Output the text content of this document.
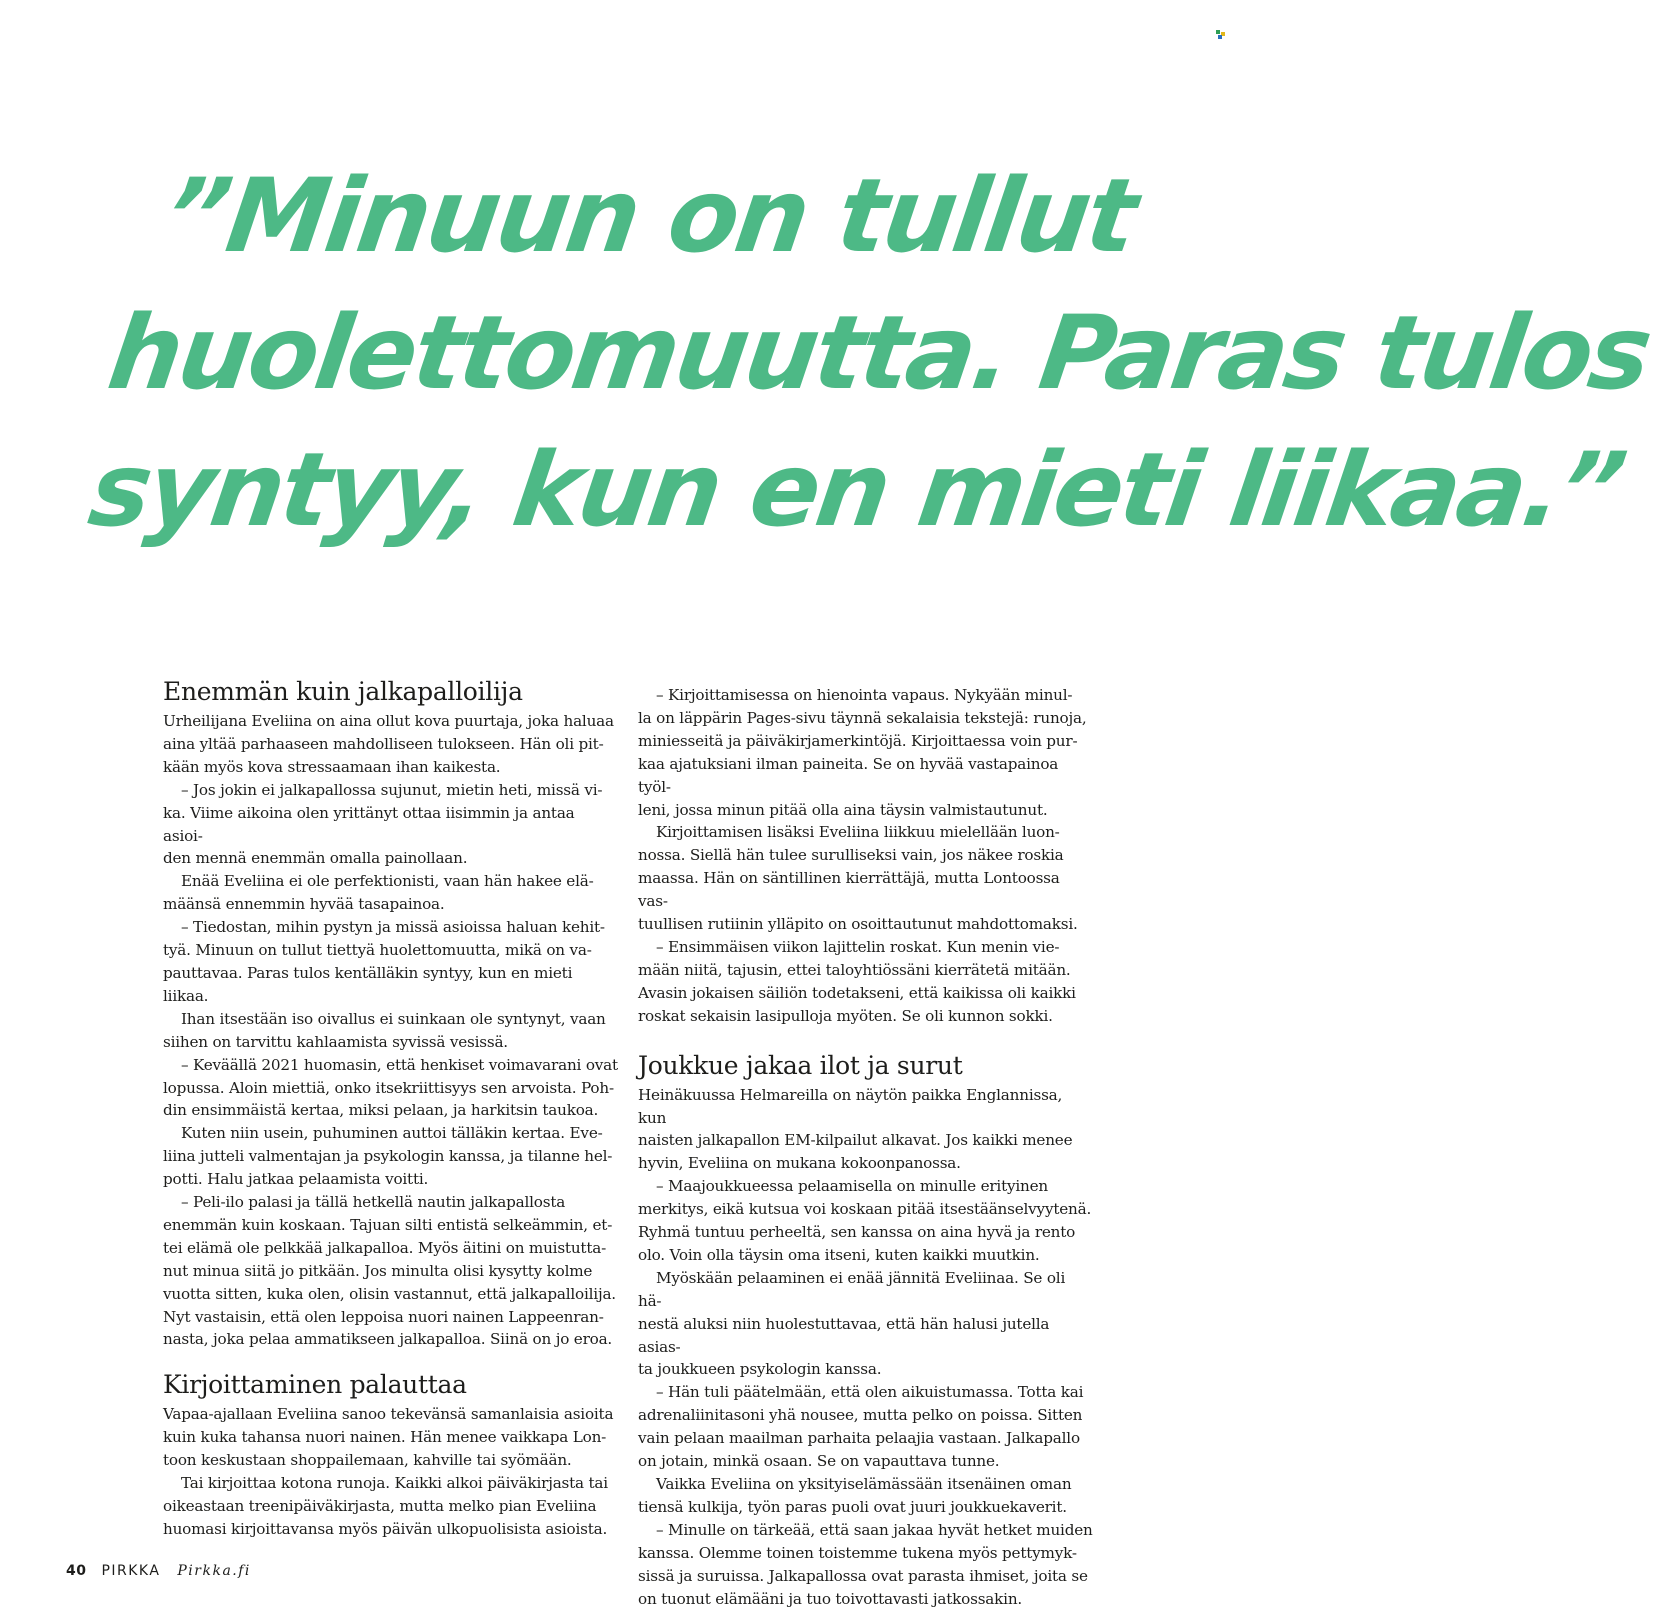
”Minuun on tullut
huolettomuutta. Paras tulos
syntyy, kun en mieti liikaa.”
Enemmän kuin jalkapalloilija

Urheilijana Eveliina on aina ollut kova puurtaja, joka haluaa
aina yltää parhaaseen mahdolliseen tulokseen. Hän oli pit-
kään myös kova stressaamaan ihan kaikesta.

– Jos jokin ei jalkapallossa sujunut, mietin heti, missä vi-
ka. Viime aikoina olen yrittänyt ottaa iisimmin ja antaa asioi-
den mennä enemmän omalla painollaan.

Enää Eveliina ei ole perfektionisti, vaan hän hakee elä-
määnsä ennemmin hyvää tasapainoa.

– Tiedostan, mihin pystyn ja missä asioissa haluan kehit-
tyä. Minuun on tullut tiettyä huolettomuutta, mikä on va-
pauttavaa. Paras tulos kentälläkin syntyy, kun en mieti liikaa.

Ihan itsestään iso oivallus ei suinkaan ole syntynyt, vaan
siihen on tarvittu kahlaamista syvissä vesissä.

– Keväällä 2021 huomasin, että henkiset voimavarani ovat
lopussa. Aloin miettiä, onko itsekriittisyys sen arvoista. Poh-
din ensimmäistä kertaa, miksi pelaan, ja harkitsin taukoa.

Kuten niin usein, puhuminen auttoi tälläkin kertaa. Eve-
liina jutteli valmentajan ja psykologin kanssa, ja tilanne hel-
potti. Halu jatkaa pelaamista voitti.

– Peli-ilo palasi ja tällä hetkellä nautin jalkapallosta
enemmän kuin koskaan. Tajuan silti entistä selkeämmin, et-
tei elämä ole pelkkää jalkapalloa. Myös äitini on muistutta-
nut minua siitä jo pitkään. Jos minulta olisi kysytty kolme
vuotta sitten, kuka olen, olisin vastannut, että jalkapalloilija.
Nyt vastaisin, että olen leppoisa nuori nainen Lappeenran-
nasta, joka pelaa ammatikseen jalkapalloa. Siinä on jo eroa.

Kirjoittaminen palauttaa

Vapaa-ajallaan Eveliina sanoo tekevänsä samanlaisia asioita
kuin kuka tahansa nuori nainen. Hän menee vaikkapa Lon-
toon keskustaan shoppailemaan, kahville tai syömään.

Tai kirjoittaa kotona runoja. Kaikki alkoi päiväkirjasta tai
oikeastaan treenipäiväkirjasta, mutta melko pian Eveliina
huomasi kirjoittavansa myös päivän ulkopuolisista asioista.

– Kirjoittamisessa on hienointa vapaus. Nykyään minul-
la on läppärin Pages-sivu täynnä sekalaisia tekstejä: runoja,
miniesseitä ja päiväkirjamerkintöjä. Kirjoittaessa voin pur-
kaa ajatuksiani ilman paineita. Se on hyvää vastapainoa työl-
leni, jossa minun pitää olla aina täysin valmistautunut.

Kirjoittamisen lisäksi Eveliina liikkuu mielellään luon-
nossa. Siellä hän tulee surulliseksi vain, jos näkee roskia
maassa. Hän on säntillinen kierrättäjä, mutta Lontoossa vas-
tuullisen rutiinin ylläpito on osoittautunut mahdottomaksi.

– Ensimmäisen viikon lajittelin roskat. Kun menin vie-
mään niitä, tajusin, ettei taloyhtiössäni kierrätetä mitään.
Avasin jokaisen säiliön todetakseni, että kaikissa oli kaikki
roskat sekaisin lasipulloja myöten. Se oli kunnon sokki.

Joukkue jakaa ilot ja surut

Heinäkuussa Helmareilla on näytön paikka Englannissa, kun
naisten jalkapallon EM-kilpailut alkavat. Jos kaikki menee
hyvin, Eveliina on mukana kokoonpanossa.

– Maajoukkueessa pelaamisella on minulle erityinen
merkitys, eikä kutsua voi koskaan pitää itsestäänselvyytenä.
Ryhmä tuntuu perheeltä, sen kanssa on aina hyvä ja rento
olo. Voin olla täysin oma itseni, kuten kaikki muutkin.

Myöskään pelaaminen ei enää jännitä Eveliinaa. Se oli hä-
nestä aluksi niin huolestuttavaa, että hän halusi jutella asias-
ta joukkueen psykologin kanssa.

– Hän tuli päätelmään, että olen aikuistumassa. Totta kai
adrenaliinitasoni yhä nousee, mutta pelko on poissa. Sitten
vain pelaan maailman parhaita pelaajia vastaan. Jalkapallo
on jotain, minkä osaan. Se on vapauttava tunne.

Vaikka Eveliina on yksityiselämässään itsenäinen oman
tiensä kulkija, työn paras puoli ovat juuri joukkuekaverit.

– Minulle on tärkeää, että saan jakaa hyvät hetket muiden
kanssa. Olemme toinen toistemme tukena myös pettymyk-
sissä ja suruissa. Jalkapallossa ovat parasta ihmiset, joita se
on tuonut elämääni ja tuo toivottavasti jatkossakin.

40 PIRKKA Pirkka.fi
